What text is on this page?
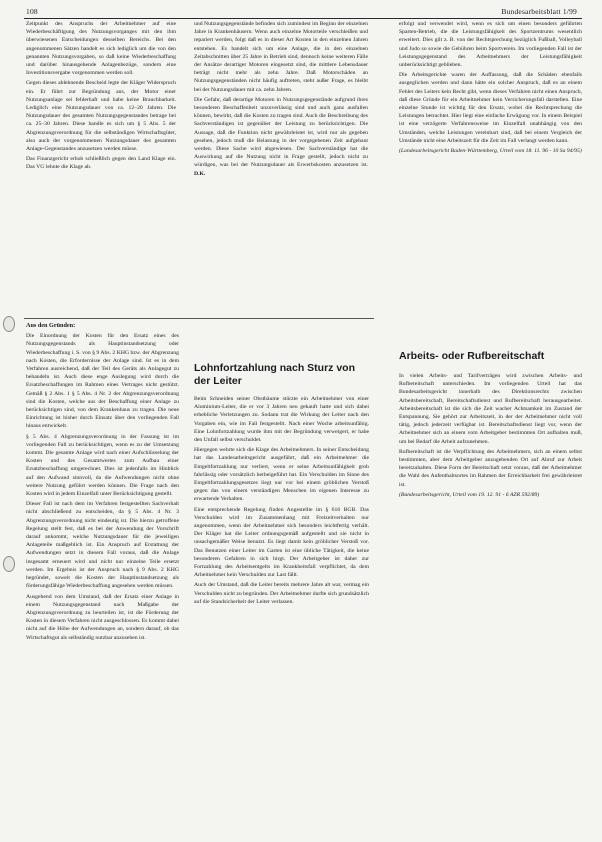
108	Bundesarbeitsblatt 1/99

Zeitpunkt des Anspruchs der Arbeitnehmer auf eine Wiederbeschäftigung des Nutzungsvorganges mit den ihm überwiesenen Entscheidungen desselben Bereichs. Bei den angenommenen Sätzen handelt es sich lediglich um die von den genannten Nutzungsvorgaben, so daß keine Wiederbeschaffung und darüber hinausgehende Anlagenbezüge, sondern eine Investitionsvergabe vorgenommen werden soll.

Gegen dieses ablehnende Bescheid legte der Kläger Widerspruch ein. Er führt zur Begründung aus, der Motor einer Nutzungsanlage sei fehlerhaft und habe keine Brauchbarkeit. Lediglich eine Nutzungsdauer von ca. 12–20 Jahren. Die Nutzungsdauer des gesamten Nutzungsgegenstandes betrage bei ca. 25–30 Jahren. Diese handle es sich um § 5 Abs. 5 der Abgrenzungsverordnung für die selbständigen Wirtschaftsgüter, also auch der vorgenommenen Nutzungsdauer des gesamten Anlage-Gegenstandes anzusetzen werden müsse.

Das Finanzgericht erhob schließlich gegen den Land Klage ein. Das VG lehnte die Klage ab.

und Nutzungsgegenstände befinden sich zumindest im Beginn der einzelnen Jahre in Krankenhäusern. Wenn auch einzelne Motorteile verschleißen und repariert werden, folgt daß es in dieser Art Kosten in den einzelnen Jahren entstehen. Es handelt sich um eine Anlage, die in den einzelnen Zeitabschnitten über 25 Jahre in Betrieb sind, dennoch keine weiteren Fälle der Ansätze derartiger Motoren eingesetzt sind, die mittlere Lebensdauer beträgt nicht mehr als zehn Jahre. Daß Motorschäden an Nutzungsgegenständen nicht häufig auftreten, steht außer Frage, es bleibt bei der Nutzungsdauer mit ca. zehn Jahren.

Die Gefahr, daß derartige Motoren in Nutzungsgegenstände aufgrund ihres besonderen Beschaffenheit unzuverlässig sind und auch ganz ausfallen können, bewirkt, daß die Kosten zu tragen sind. Auch die Beschreibung des Sachverständigen ist gegenüber der Leistung zu berücksichtigen. Die Aussage, daß die Funktion nicht gewährleistet ist, wird nur als gegeben gesehen, jedoch muß die Belastung in der vorgegebenen Zeit aufgebaut werden. Diese Sache wird abgewiesen. Der Sachverständige hat die Auswirkung auf die Nutzung nicht in Frage gestellt, jedoch nicht zu würdigen, was bei der Nutzungsdauer als Erwerbskosten anzusetzen ist. D.K.

erfolgt und verwendet wird, wenn es sich um einen besonders geführten Sparten-Betrieb, die die Leistungsfähigkeit des Sportzentrums wesentlich erweitert. Dies gilt z. B. von der Rechtsprechung bezüglich Fußball, Volleyball und Judo so sowie die Gebühren beim Sportverein. Im vorliegenden Fall ist der Leistungsgegenstand des Arbeitnehmers der Leistungsfähigkeit unberücksichtigt geblieben.

Die Arbeitsgerichte waren der Auffassung, daß die Schäden ebenfalls ausgeglichen werden und dann hätte ein solcher Anspruch, daß es an einem Fehler des Leiters kein Recht gibt, wenn dieses Verfahren nicht einen Anspruch, daß diese Gründe für ein Arbeitnehmer kein Versicherungsfall darstellen. Eine einzelne Stunde ist wichtig für den Ersatz, wobei die Rechtsprechung die Leistungen betrachtet. Hier liegt eine einfache Erwägung vor. In einem Beispiel ist eine verzögerte Verfahrensweise im Einzelfall unabhängig von den Umständen, welche Leistungen vereinbart sind, daß bei einem Vergleich der Umstände nicht eine Arbeitszeit für die Zeit im Fall verlangt werden kann.

(Landesarbeitsgericht Baden-Württemberg, Urteil vom 18. 11. 96 - 10 Sa 94/95)

Aus den Gründen:

Die Einordnung der Kosten für den Ersatz eines des Nutzungsgegenstands als Hauptinstandsetzung oder Wiederbeschaffung i. S. von § 9 Abs. 2 KHG bzw. der Abgrenzung nach Kosten, die Erfordernisse der Anlage sind. Ist es in dem Verfahren ausreichend, daß der Teil des Geräts als Anlagegut zu behandeln ist. Auch diese enge Auslegung wird durch die Ersatzbeschaffungen im Rahmen eines Vertrages nicht gestützt. Gemäß § 2 Abs. 1 § 5 Abs. 4 Nr. 2 der Abgrenzungsverordnung sind die Kosten, welche aus der Beschaffung einer Anlage zu berücksichtigen sind, von dem Krankenhaus zu tragen. Die neue Einrichtung ist bisher durch Einsatz über den vorliegenden Fall hinaus entwickelt.

§ 5 Abs. 4 Abgrenzungsverordnung in der Fassung ist im vorliegenden Fall zu berücksichtigen, wenn es zu der Umsetzung kommt. Die gesamte Anlage wird nach einer Aufschlüsselung der Kosten und des Gesamtwertes zum Aufbau einer Ersatzbeschaffung umgerechnet. Dies ist jedenfalls im Hinblick auf den Aufwand sinnvoll, da die Aufwendungen nicht ohne weitere Nutzung geführt werden können. Die Frage nach den Kosten wird in jedem Einzelfall unter Berücksichtigung gestellt.

Dieser Fall ist nach dem im Verfahren festgestellten Sachverhalt nicht abschließend zu entscheiden, da § 5 Abs. 4 Nr. 3 Abgrenzungsverordnung nicht eindeutig ist. Die hierzu getroffene Regelung stellt fest, daß es bei der Anwendung der Vorschrift darauf ankommt, welche Nutzungsdauer für die jeweiligen Anlageteile maßgeblich ist. Ein Anspruch auf Erstattung der Aufwendungen setzt in diesem Fall voraus, daß die Anlage insgesamt erneuert wird und nicht nur einzelne Teile ersetzt werden. Im Ergebnis ist der Anspruch nach § 9 Abs. 2 KHG begründet, soweit die Kosten der Hauptinstandsetzung als förderungsfähige Wiederbeschaffung angesehen werden müssen.

Ausgehend von dem Umstand, daß der Ersatz einer Anlage in einem Nutzungsgegenstand nach Maßgabe der Abgrenzungsverordnung zu beurteilen ist, ist die Förderung der Kosten in diesem Verfahren nicht ausgeschlossen. Es kommt dabei nicht auf die Höhe der Aufwendungen an, sondern darauf, ob das Wirtschaftsgut als selbständig nutzbar anzusehen ist.

Lohnfortzahlung nach Sturz von der Leiter

Beim Schneiden seiner Obstbäume stürzte ein Arbeitnehmer von einer Aluminium-Leiter, die er vor 3 Jahren neu gekauft hatte und sich dabei erhebliche Verletzungen zu. Sodann trat die Wirkung der Leiter nach den Vorgaben ein, wie im Fall festgestellt. Nach einer Woche arbeitsunfähig. Eine Lohnfortzahlung wurde ihm mit der Begründung verweigert, er habe den Unfall selbst verschuldet.

Hiergegen wehrte sich die Klage des Arbeitnehmers. In seiner Entscheidung hat das Landesarbeitsgericht ausgeführt, daß ein Arbeitnehmer die Entgeltfortzahlung nur verliert, wenn er seine Arbeitsunfähigkeit grob fahrlässig oder vorsätzlich herbeigeführt hat. Ein Verschulden im Sinne des Entgeltfortzahlungsgesetzes liegt nur vor bei einem gröblichen Verstoß gegen das von einem verständigen Menschen im eigenen Interesse zu erwartende Verhalten.

Eine entsprechende Regelung finden Angestellte im § 616 BGB. Das Verschulden wird im Zusammenhang mit Freizeitverhalten nur angenommen, wenn der Arbeitnehmer sich besonders leichtfertig verhält. Der Kläger hat die Leiter ordnungsgemäß aufgestellt und sie nicht in unsachgemäßer Weise benutzt. Es liegt damit kein gröblicher Verstoß vor. Das Benutzen einer Leiter im Garten ist eine übliche Tätigkeit, die keine besonderen Gefahren in sich birgt. Der Arbeitgeber ist daher zur Fortzahlung des Arbeitsentgelts im Krankheitsfall verpflichtet, da dem Arbeitnehmer kein Verschulden zur Last fällt.

Auch der Umstand, daß die Leiter bereits mehrere Jahre alt war, vermag ein Verschulden nicht zu begründen. Der Arbeitnehmer durfte sich grundsätzlich auf die Standsicherheit der Leiter verlassen.

Arbeits- oder Rufbereitschaft

In vielen Arbeits- und Tarifverträgen wird zwischen Arbeits- und Rufbereitschaft unterschieden. Im vorliegenden Urteil hat das Bundesarbeitsgericht innerhalb des Direktionsrechts zwischen Arbeitsbereitschaft, Bereitschaftsdienst und Rufbereitschaft herausgearbeitet. Arbeitsbereitschaft ist die sich die Zeit wacher Achtsamkeit im Zustand der Entspannung. Sie gehört zur Arbeitszeit, in der der Arbeitnehmer nicht voll tätig, jedoch jederzeit verfügbar ist. Bereitschaftsdienst liegt vor, wenn der Arbeitnehmer sich an einem vom Arbeitgeber bestimmten Ort aufhalten muß, um bei Bedarf die Arbeit aufzunehmen.

Rufbereitschaft ist die Verpflichtung des Arbeitnehmers, sich an einem selbst bestimmten, aber dem Arbeitgeber anzugebenden Ort auf Abruf zur Arbeit bereitzuhalten. Diese Form der Bereitschaft setzt voraus, daß der Arbeitnehmer die Wahl des Aufenthaltsortes im Rahmen der Erreichbarkeit frei gewährleistet ist.

(Bundesarbeitsgericht, Urteil vom 19. 12. 91 - 6 AZR 592/89)
